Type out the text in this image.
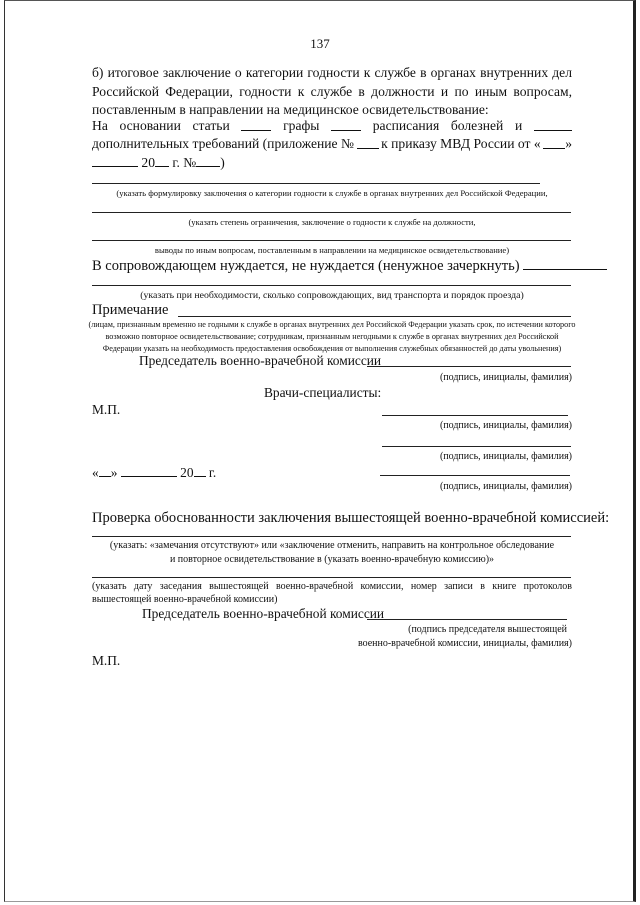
137
б) итоговое заключение о категории годности к службе в органах внутренних дел Российской Федерации, годности к службе в должности и по иным вопросам, поставленным в направлении на медицинское освидетельствование:
На основании статьи	графы	расписания болезней и
дополнительных требований (приложение № к приказу МВД России от « »
20 г. № )
(указать формулировку заключения о категории годности к службе в органах внутренних дел Российской Федерации,
(указать степень ограничения, заключение о годности к службе на должности,
выводы по иным вопросам, поставленным в направлении на медицинское освидетельствование)
В сопровождающем нуждается, не нуждается (ненужное зачеркнуть)
(указать при необходимости, сколько сопровождающих, вид транспорта и порядок проезда)
Примечание
(лицам, признанным временно не годными к службе в органах внутренних дел Российской Федерации указать срок, по истечении которого
возможно повторное освидетельствование; сотрудникам, признанным негодными к службе в органах внутренних дел Российской
Федерации указать на необходимость предоставления освобождения от выполнения служебных обязанностей до даты увольнения)
Председатель военно-врачебной комиссии
(подпись, инициалы, фамилия)
Врачи-специалисты:
М.П.
(подпись, инициалы, фамилия)
(подпись, инициалы, фамилия)
« »	20 г.
(подпись, инициалы, фамилия)
Проверка обоснованности заключения вышестоящей военно-врачебной комиссией:
(указать: «замечания отсутствуют» или «заключение отменить, направить на контрольное обследование
и повторное освидетельствование в (указать военно-врачебную комиссию)»
(указать дату заседания вышестоящей военно-врачебной комиссии, номер записи в книге протоколов
вышестоящей военно-врачебной комиссии)
Председатель военно-врачебной комиссии
(подпись председателя вышестоящей
военно-врачебной комиссии, инициалы, фамилия)
М.П.
